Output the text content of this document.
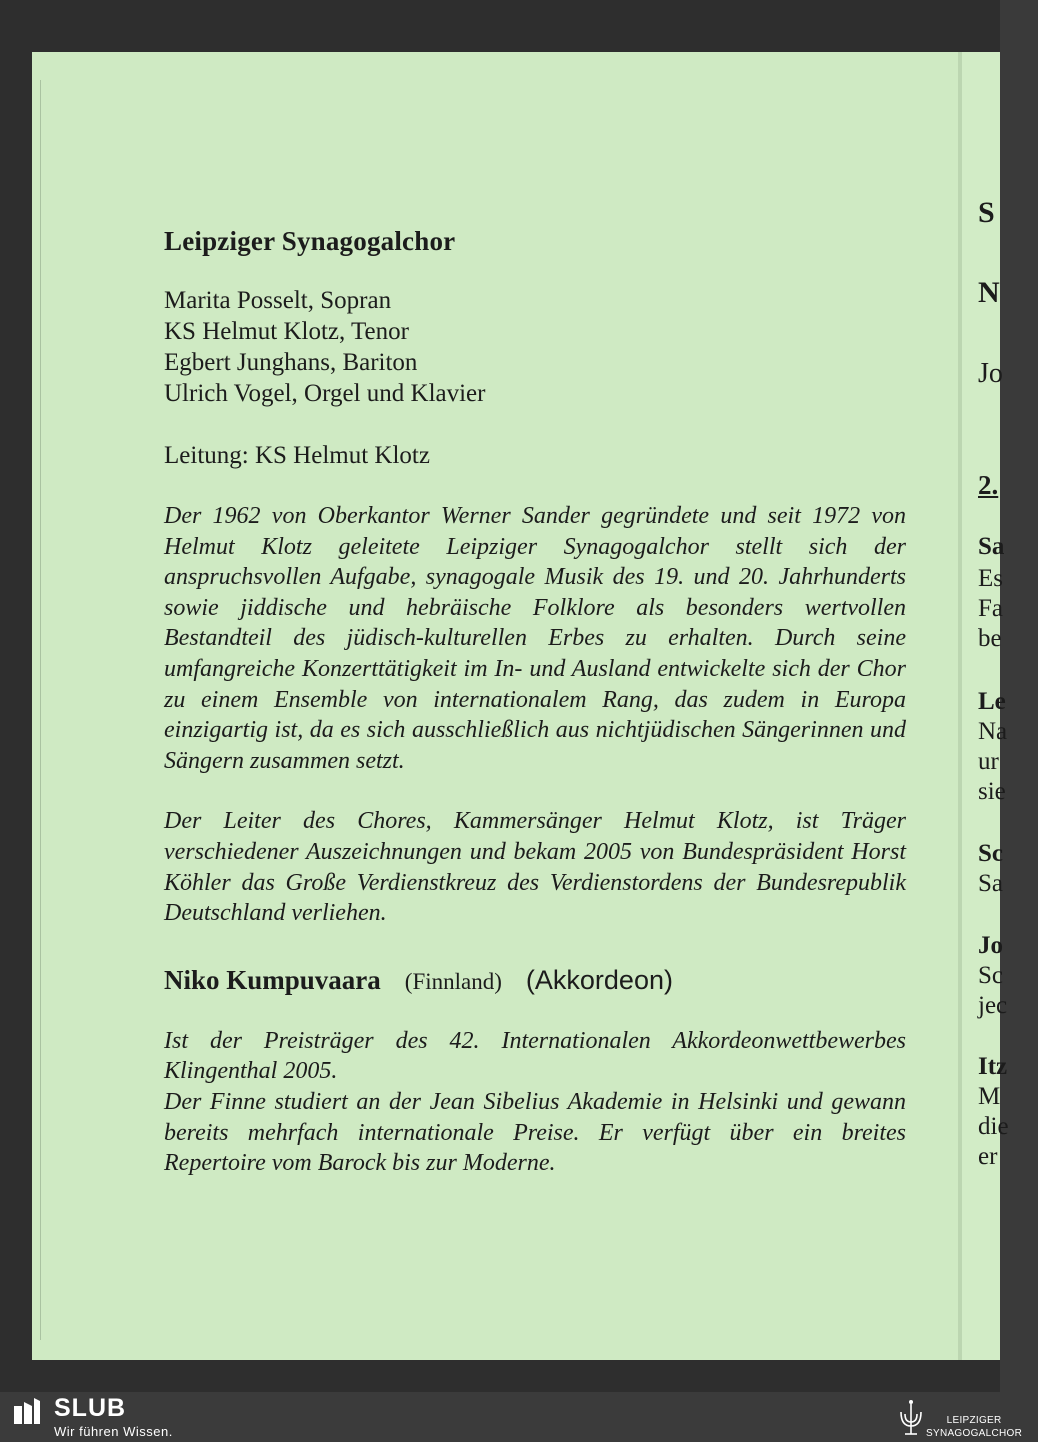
Leipziger Synagogalchor
Marita Posselt, Sopran
KS Helmut Klotz, Tenor
Egbert Junghans, Bariton
Ulrich Vogel, Orgel und Klavier
Leitung: KS Helmut Klotz

Der 1962 von Oberkantor Werner Sander gegründete und seit 1972 von Helmut Klotz geleitete Leipziger Synagogalchor stellt sich der anspruchsvollen Aufgabe, synagogale Musik des 19. und 20. Jahrhunderts sowie jiddische und hebräische Folklore als besonders wertvollen Bestandteil des jüdisch-kulturellen Erbes zu erhalten. Durch seine umfangreiche Konzerttätigkeit im In- und Ausland entwickelte sich der Chor zu einem Ensemble von internationalem Rang, das zudem in Europa einzigartig ist, da es sich ausschließlich aus nichtjüdischen Sängerinnen und Sängern zusammen setzt.

Der Leiter des Chores, Kammersänger Helmut Klotz, ist Träger verschiedener Auszeichnungen und bekam 2005 von Bundespräsident Horst Köhler das Große Verdienstkreuz des Verdienstordens der Bundesrepublik Deutschland verliehen.

Niko Kumpuvaara (Finnland) (Akkordeon)

Ist der Preisträger des 42. Internationalen Akkordeonwettbewerbes Klingenthal 2005.
Der Finne studiert an der Jean Sibelius Akademie in Helsinki und gewann bereits mehrfach internationale Preise. Er verfügt über ein breites Repertoire vom Barock bis zur Moderne.

S
N
Jo
2.
Sa
Es
Fa
be
Le
Na
ur
sie
Sc
Sa
Jo
Sc
jec
Itz
M
die
er
SLUB
Wir führen Wissen.
LEIPZIGER
SYNAGOGALCHOR
